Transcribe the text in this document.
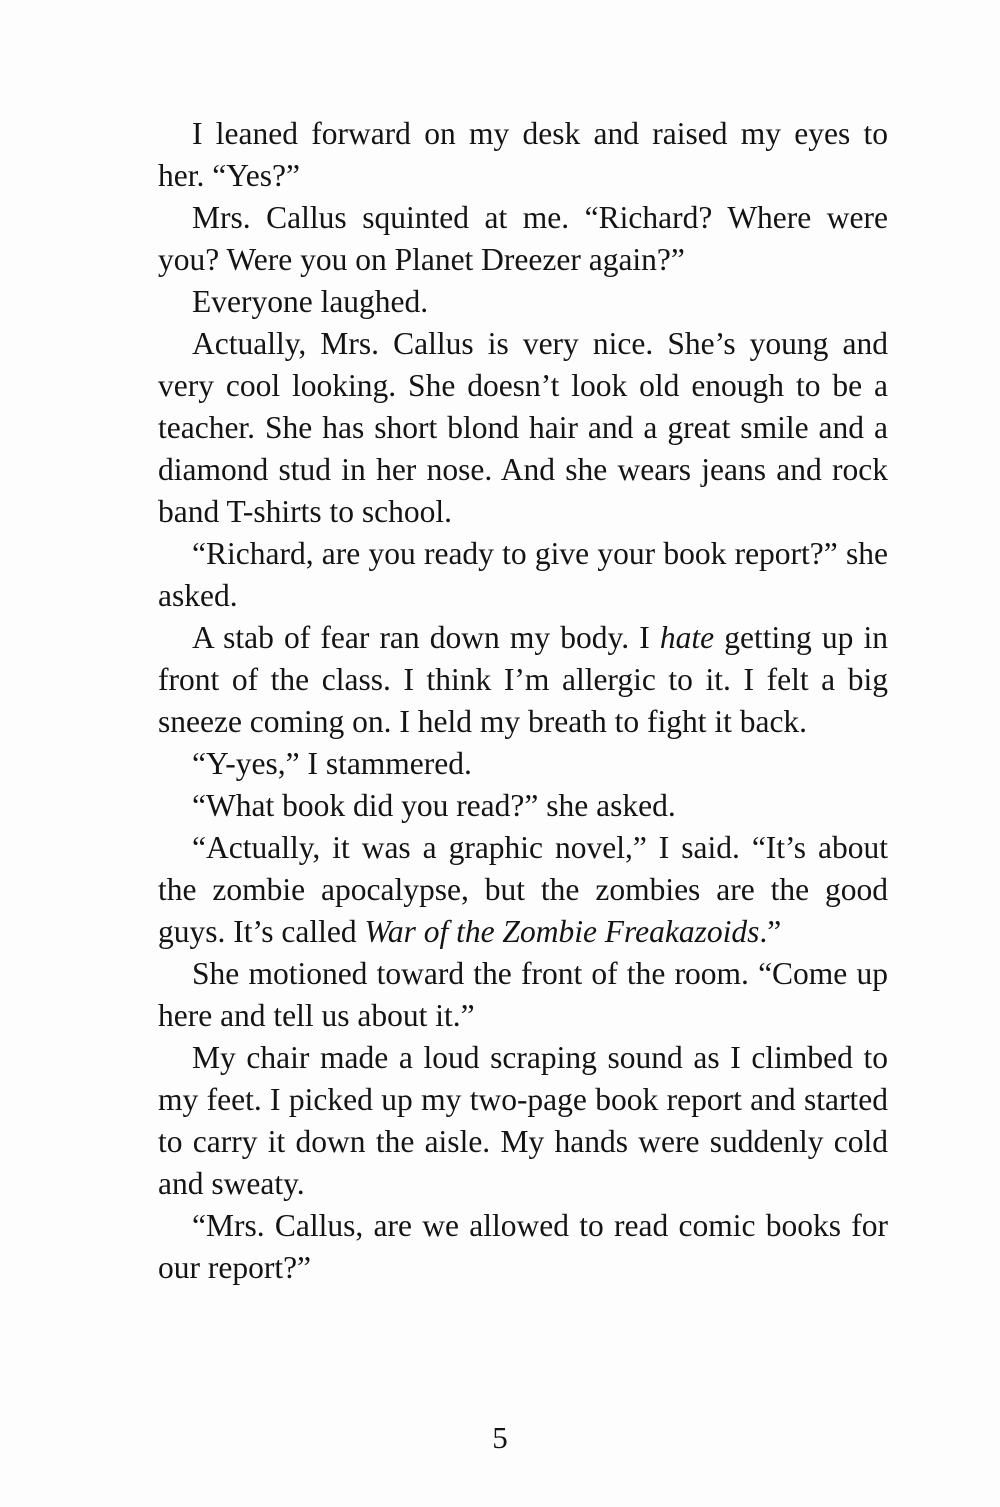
I leaned forward on my desk and raised my eyes to her. “Yes?”

Mrs. Callus squinted at me. “Richard? Where were you? Were you on Planet Dreezer again?”

Everyone laughed.

Actually, Mrs. Callus is very nice. She’s young and very cool looking. She doesn’t look old enough to be a teacher. She has short blond hair and a great smile and a diamond stud in her nose. And she wears jeans and rock band T-shirts to school.

“Richard, are you ready to give your book report?” she asked.

A stab of fear ran down my body. I hate getting up in front of the class. I think I’m allergic to it. I felt a big sneeze coming on. I held my breath to fight it back.

“Y-yes,” I stammered.

“What book did you read?” she asked.

“Actually, it was a graphic novel,” I said. “It’s about the zombie apocalypse, but the zombies are the good guys. It’s called War of the Zombie Freakazoids.”

She motioned toward the front of the room. “Come up here and tell us about it.”

My chair made a loud scraping sound as I climbed to my feet. I picked up my two-page book report and started to carry it down the aisle. My hands were suddenly cold and sweaty.

“Mrs. Callus, are we allowed to read comic books for our report?”

5
